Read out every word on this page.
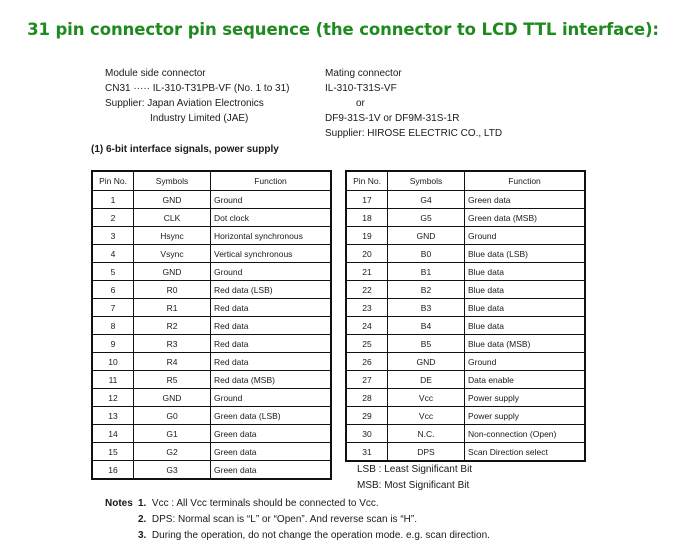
31 pin connector pin sequence (the connector to LCD TTL interface):
Module side connector
CN31 ····· IL-310-T31PB-VF (No. 1 to 31)
Supplier: Japan Aviation Electronics
Industry Limited (JAE)
Mating connector
IL-310-T31S-VF
or
DF9-31S-1V or DF9M-31S-1R
Supplier: HIROSE ELECTRIC CO., LTD
(1) 6-bit interface signals, power supply
Pin No.	Symbols	Function
1	GND	Ground
2	CLK	Dot clock
3	Hsync	Horizontal synchronous
4	Vsync	Vertical synchronous
5	GND	Ground
6	R0	Red data (LSB)
7	R1	Red data
8	R2	Red data
9	R3	Red data
10	R4	Red data
11	R5	Red data (MSB)
12	GND	Ground
13	G0	Green data (LSB)
14	G1	Green data
15	G2	Green data
16	G3	Green data
Pin No.	Symbols	Function
17	G4	Green data
18	G5	Green data (MSB)
19	GND	Ground
20	B0	Blue data (LSB)
21	B1	Blue data
22	B2	Blue data
23	B3	Blue data
24	B4	Blue data
25	B5	Blue data (MSB)
26	GND	Ground
27	DE	Data enable
28	Vcc	Power supply
29	Vcc	Power supply
30	N.C.	Non-connection (Open)
31	DPS	Scan Direction select
LSB : Least Significant Bit
MSB: Most Significant Bit
Notes 1. Vcc : All Vcc terminals should be connected to Vcc.
2. DPS: Normal scan is “L” or “Open”. And reverse scan is “H”.
3. During the operation, do not change the operation mode. e.g. scan direction.
